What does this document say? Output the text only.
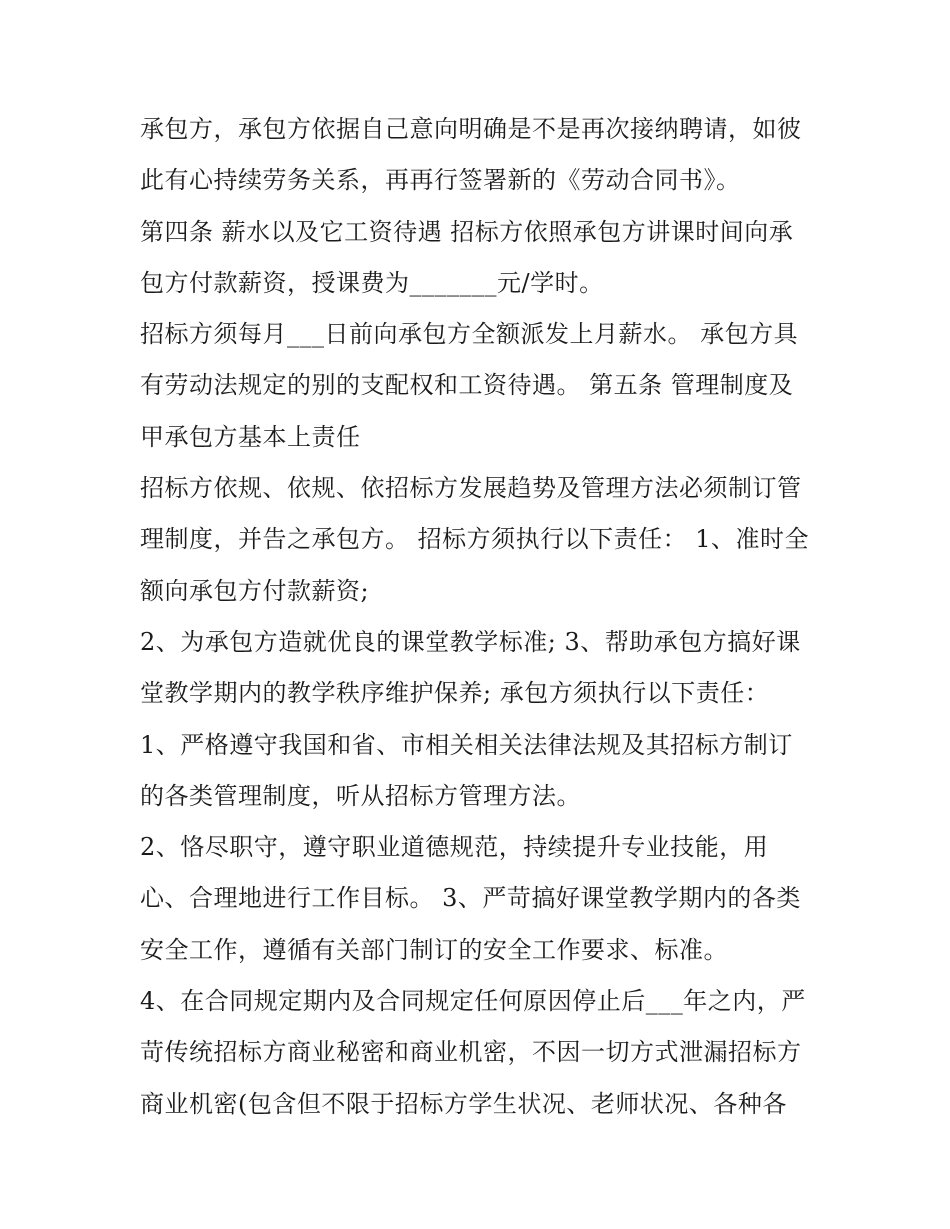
承包方，承包方依据自己意向明确是不是再次接纳聘请，如彼
此有心持续劳务关系，再再行签署新的《劳动合同书》。
第四条 薪水以及它工资待遇 招标方依照承包方讲课时间向承
包方付款薪资，授课费为_______元/学时。
招标方须每月___日前向承包方全额派发上月薪水。 承包方具
有劳动法规定的别的支配权和工资待遇。 第五条 管理制度及
甲承包方基本上责任
招标方依规、依规、依招标方发展趋势及管理方法必须制订管
理制度，并告之承包方。 招标方须执行以下责任： 1、准时全
额向承包方付款薪资;
2、为承包方造就优良的课堂教学标准; 3、帮助承包方搞好课
堂教学期内的教学秩序维护保养; 承包方须执行以下责任：
1、严格遵守我国和省、市相关相关法律法规及其招标方制订
的各类管理制度，听从招标方管理方法。
2、恪尽职守，遵守职业道德规范，持续提升专业技能，用
心、合理地进行工作目标。 3、严苛搞好课堂教学期内的各类
安全工作，遵循有关部门制订的安全工作要求、标准。
4、在合同规定期内及合同规定任何原因停止后___年之内，严
苛传统招标方商业秘密和商业机密，不因一切方式泄漏招标方
商业机密(包含但不限于招标方学生状况、老师状况、各种各
